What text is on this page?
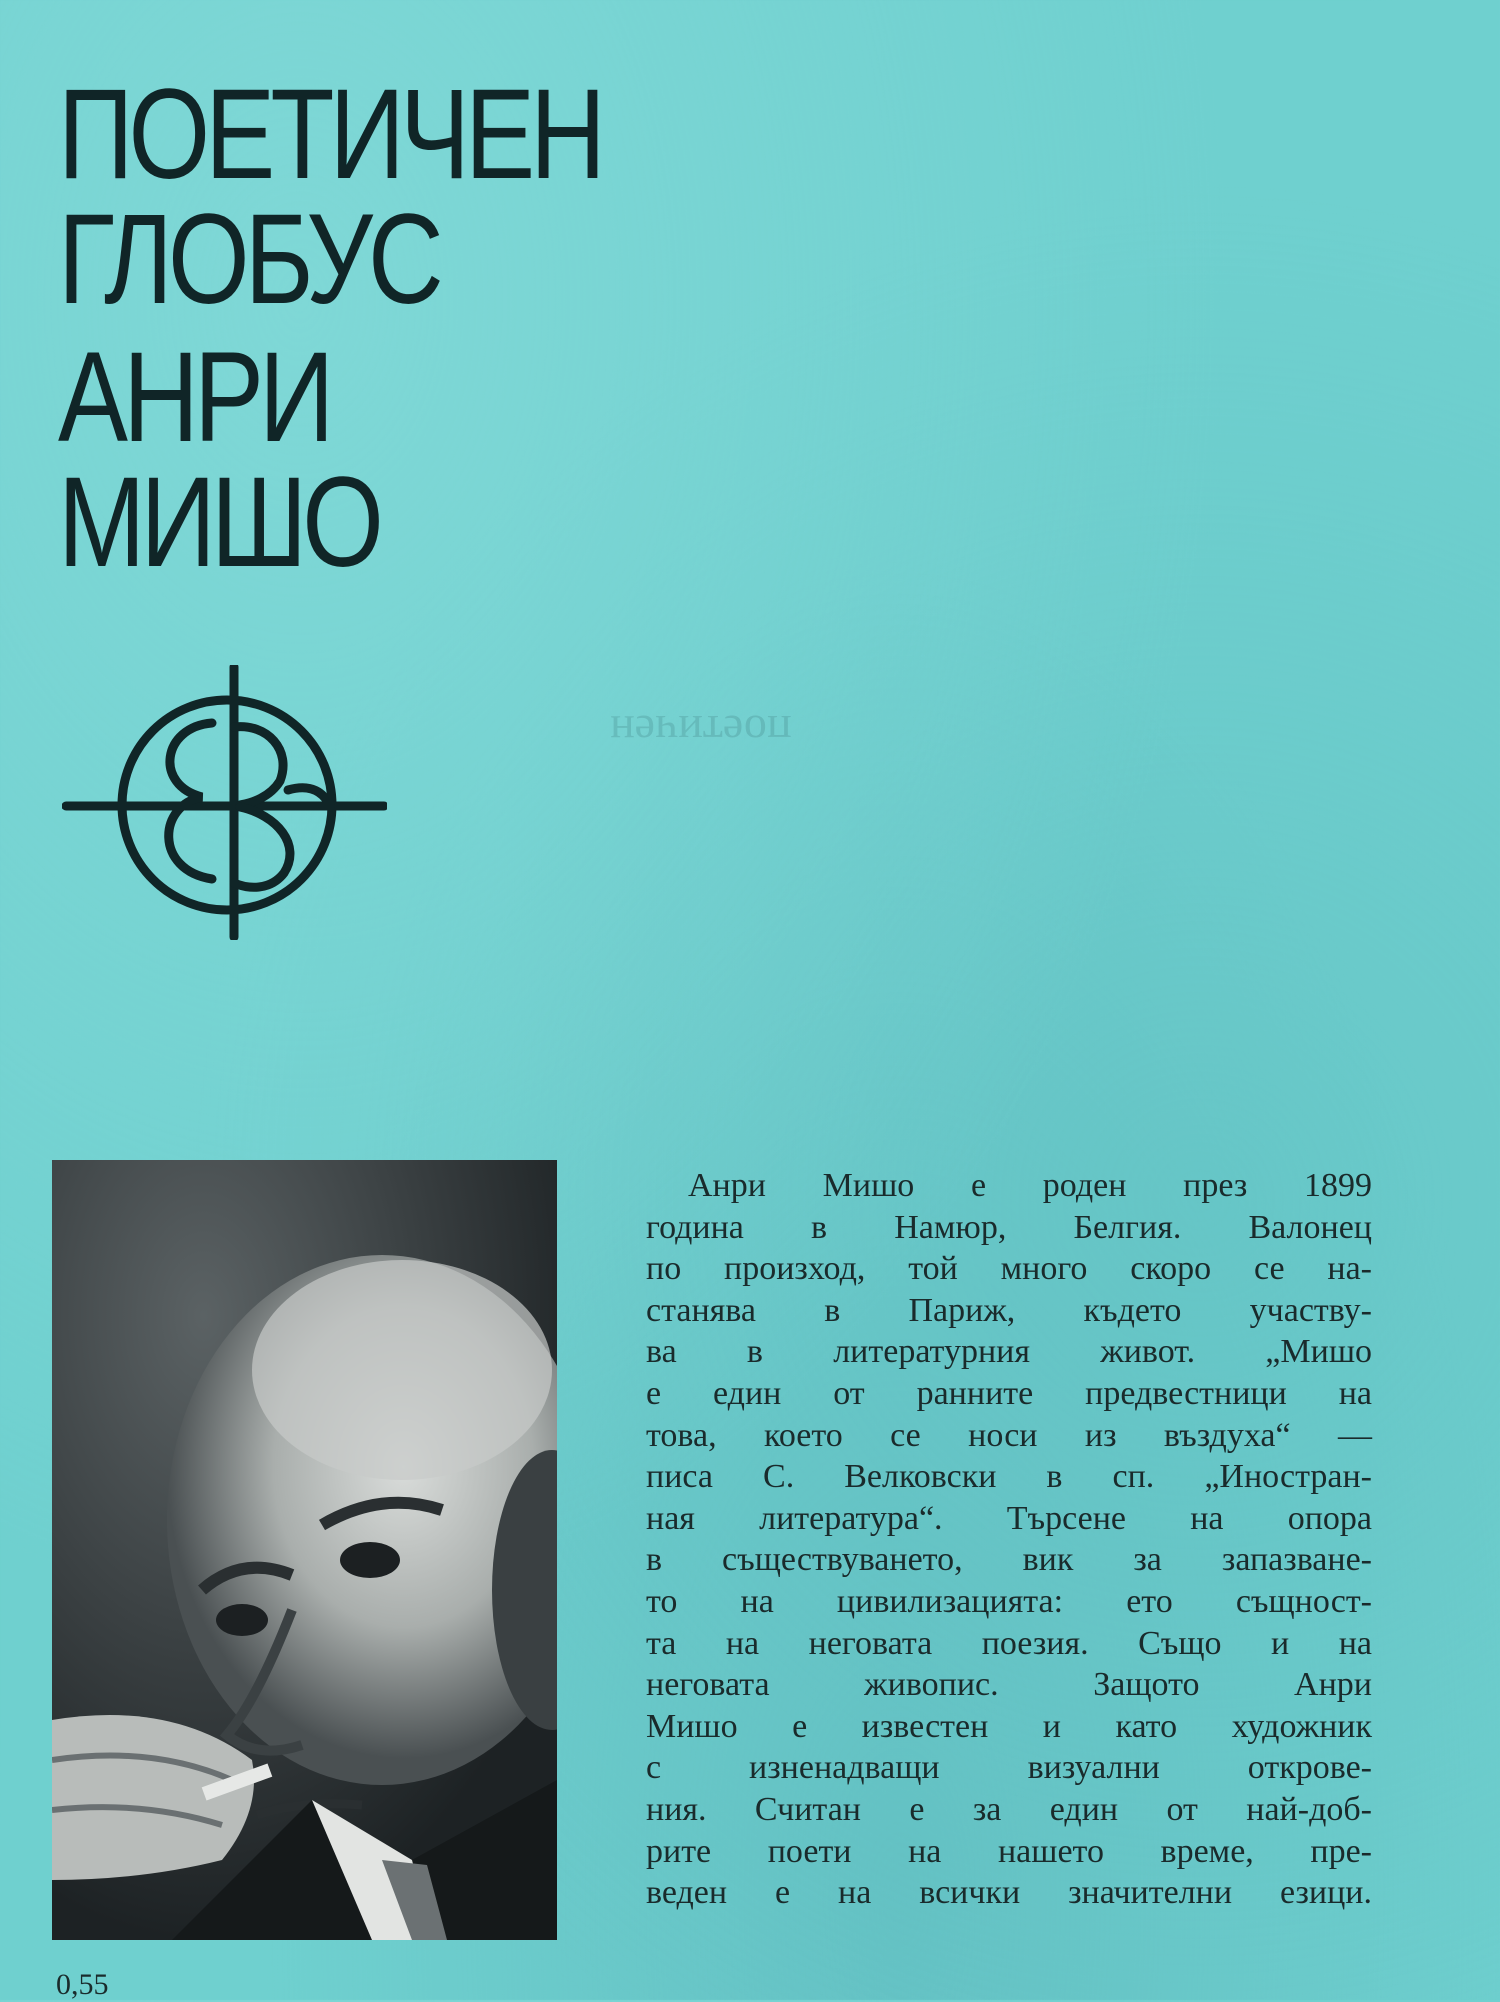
ПОЕТИЧЕН
ГЛОБУС
АНРИ
МИШО
поетичен
Анри Мишо е роден през 1899
година в Намюр, Белгия. Валонец
по произход, той много скоро се на-
станява в Париж, където участву-
ва в литературния живот. „Мишо
е един от ранните предвестници на
това, което се носи из въздуха“ —
писа С. Велковски в сп. „Иностран-
ная литература“. Търсене на опора
в съществуването, вик за запазване-
то на цивилизацията: ето същност-
та на неговата поезия. Също и на
неговата живопис. Защото Анри
Мишо е известен и като художник
с изненадващи визуални открове-
ния. Считан е за един от най-доб-
рите поети на нашето време, пре-
веден е на всички значителни езици.
0,55
